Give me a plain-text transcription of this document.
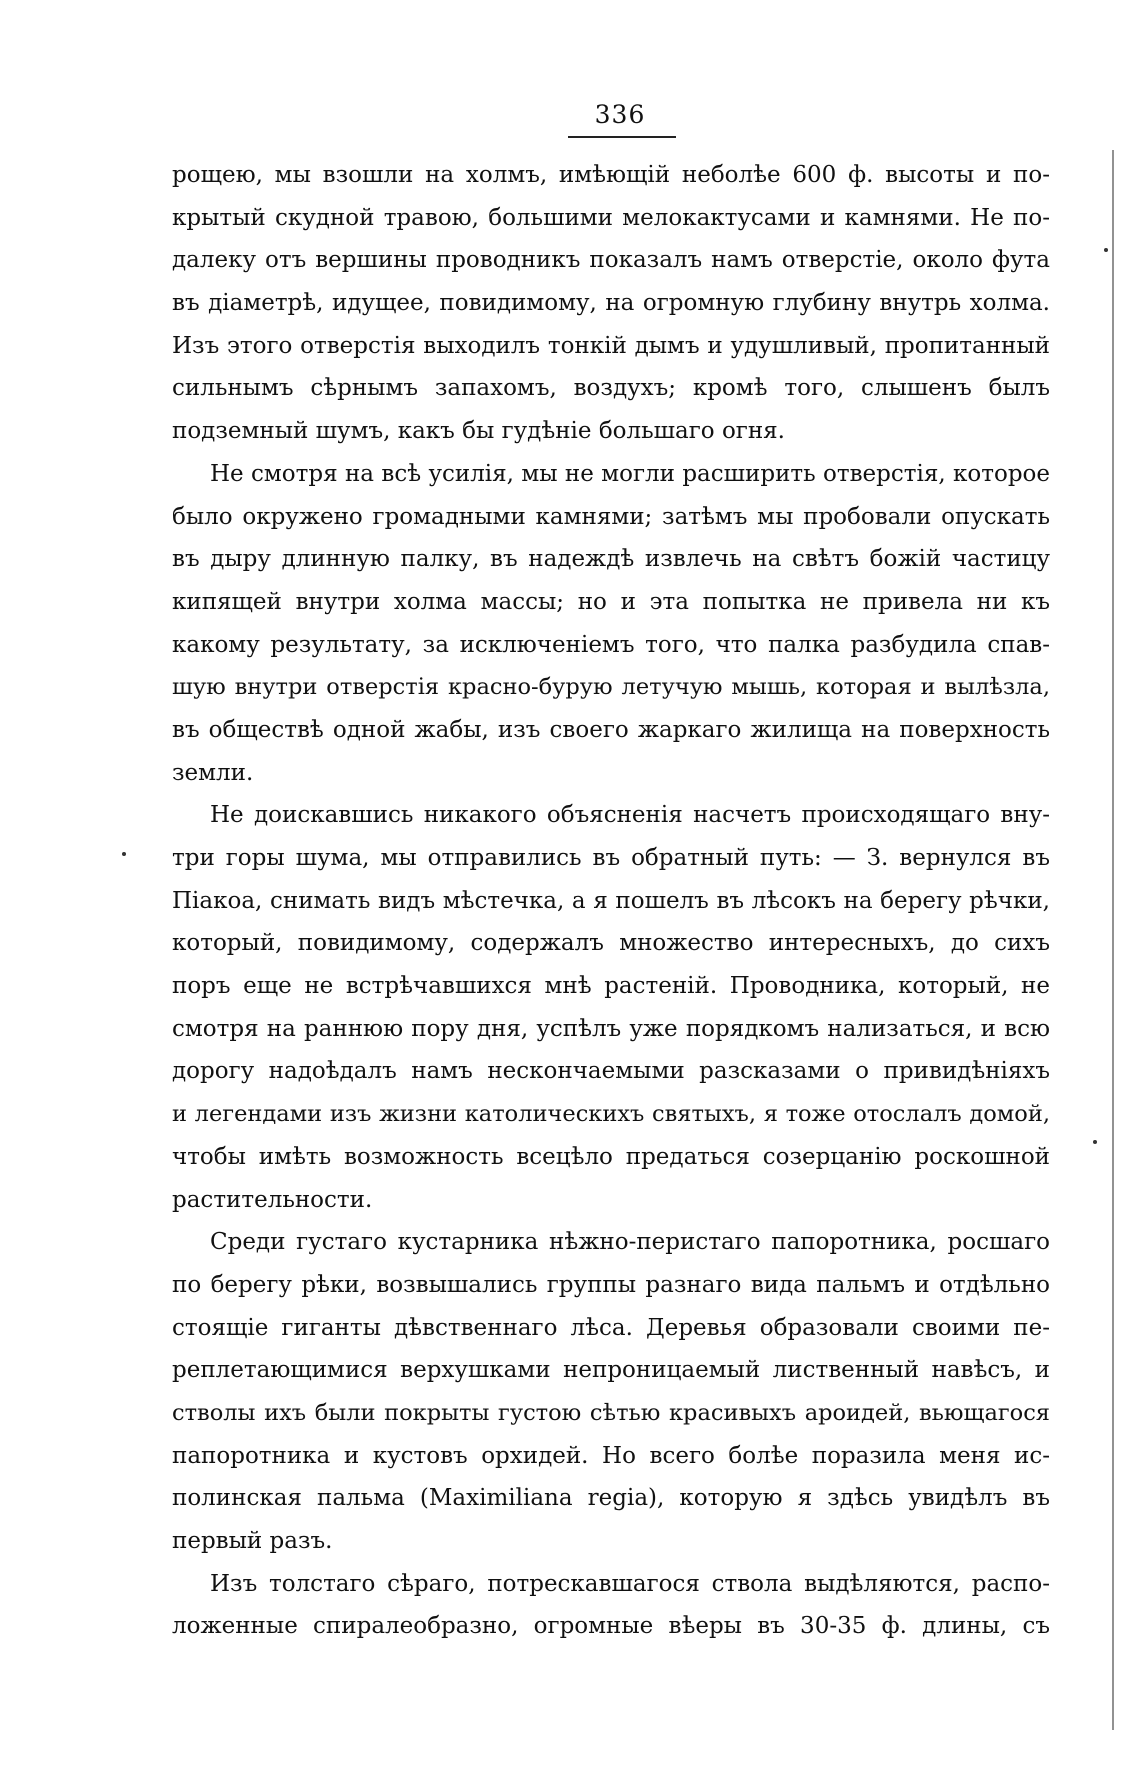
336
рощею, мы взошли на холмъ, имѣющій неболѣе 600 ф. высоты и по-
крытый скудной травою, большими мелокактусами и камнями. Не по-
далеку отъ вершины проводникъ показалъ намъ отверстіе, около фута
въ діаметрѣ, идущее, повидимому, на огромную глубину внутрь холма.
Изъ этого отверстія выходилъ тонкій дымъ и удушливый, пропитанный
сильнымъ сѣрнымъ запахомъ, воздухъ; кромѣ того, слышенъ былъ
подземный шумъ, какъ бы гудѣніе большаго огня.
Не смотря на всѣ усилія, мы не могли расширить отверстія, которое
было окружено громадными камнями; затѣмъ мы пробовали опускать
въ дыру длинную палку, въ надеждѣ извлечь на свѣтъ божій частицу
кипящей внутри холма массы; но и эта попытка не привела ни къ
какому результату, за исключеніемъ того, что палка разбудила спав-
шую внутри отверстія красно-бурую летучую мышь, которая и вылѣзла,
въ обществѣ одной жабы, изъ своего жаркаго жилища на поверхность
земли.
Не доискавшись никакого объясненія насчетъ происходящаго вну-
три горы шума, мы отправились въ обратный путь: — З. вернулся въ
Піакоа, снимать видъ мѣстечка, а я пошелъ въ лѣсокъ на берегу рѣчки,
который, повидимому, содержалъ множество интересныхъ, до сихъ
поръ еще не встрѣчавшихся мнѣ растеній. Проводника, который, не
смотря на раннюю пору дня, успѣлъ уже порядкомъ нализаться, и всю
дорогу надоѣдалъ намъ нескончаемыми разсказами о привидѣніяхъ
и легендами изъ жизни католическихъ святыхъ, я тоже отослалъ домой,
чтобы имѣть возможность всецѣло предаться созерцанію роскошной
растительности.
Среди густаго кустарника нѣжно-перистаго папоротника, росшаго
по берегу рѣки, возвышались группы разнаго вида пальмъ и отдѣльно
стоящіе гиганты дѣвственнаго лѣса. Деревья образовали своими пе-
реплетающимися верхушками непроницаемый лиственный навѣсъ, и
стволы ихъ были покрыты густою сѣтью красивыхъ ароидей, вьющагося
папоротника и кустовъ орхидей. Но всего болѣе поразила меня ис-
полинская пальма (Maximiliana regia), которую я здѣсь увидѣлъ въ
первый разъ.
Изъ толстаго сѣраго, потрескавшагося ствола выдѣляются, распо-
ложенные спиралеобразно, огромные вѣеры въ 30-35 ф. длины, съ
